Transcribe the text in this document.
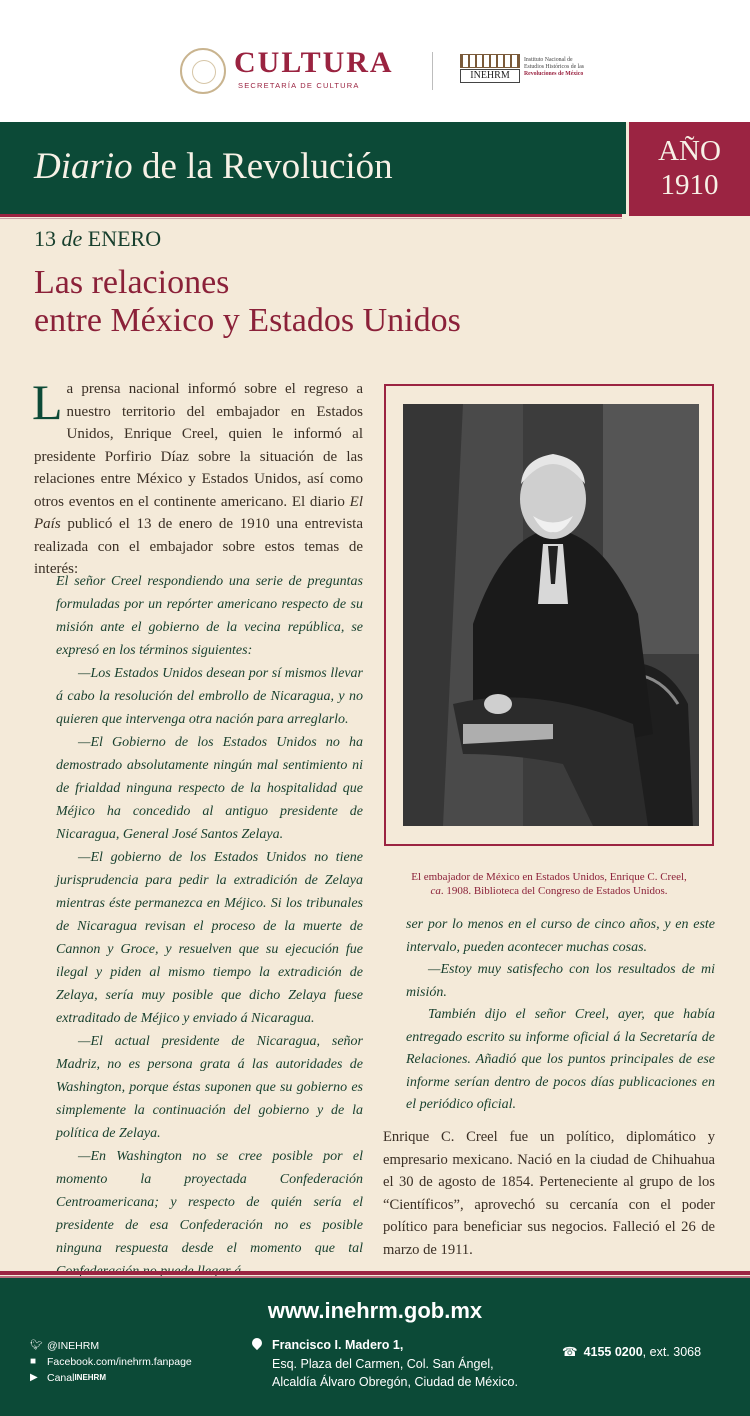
CULTURA
SECRETARÍA DE CULTURA
INEHRM
Instituto Nacional de
Estudios Históricos de las
Revoluciones de México
Diario de la Revolución	AÑO
1910
13 de ENERO
Las relaciones
entre México y Estados Unidos
La prensa nacional informó sobre el regreso a nuestro territorio del embajador en Estados Unidos, Enrique Creel, quien le informó al presidente Porfirio Díaz sobre la situación de las relaciones entre México y Estados Unidos, así como otros eventos en el continente americano. El diario El País publicó el 13 de enero de 1910 una entrevista realizada con el embajador sobre estos temas de interés:

El señor Creel respondiendo una serie de preguntas formuladas por un repórter americano respecto de su misión ante el gobierno de la vecina república, se expresó en los términos siguientes:

—Los Estados Unidos desean por sí mismos llevar á cabo la resolución del embrollo de Nicaragua, y no quieren que intervenga otra nación para arreglarlo.

—El Gobierno de los Estados Unidos no ha demostrado absolutamente ningún mal sentimiento ni de frialdad ninguna respecto de la hospitalidad que Méjico ha concedido al antiguo presidente de Nicaragua, General José Santos Zelaya.

—El gobierno de los Estados Unidos no tiene jurisprudencia para pedir la extradición de Zelaya mientras éste permanezca en Méjico. Si los tribunales de Nicaragua revisan el proceso de la muerte de Cannon y Groce, y resuelven que su ejecución fue ilegal y piden al mismo tiempo la extradición de Zelaya, sería muy posible que dicho Zelaya fuese extraditado de Méjico y enviado á Nicaragua.

—El actual presidente de Nicaragua, señor Madriz, no es persona grata á las autoridades de Washington, porque éstas suponen que su gobierno es simplemente la continuación del gobierno y de la política de Zelaya.

—En Washington no se cree posible por el momento la proyectada Confederación Centroamericana; y respecto de quién sería el presidente de esa Confederación no es posible ninguna respuesta desde el momento que tal

El embajador de México en Estados Unidos, Enrique C. Creel,
ca. 1908. Biblioteca del Congreso de Estados Unidos.

ser por lo menos en el curso de cinco años, y en este intervalo, pueden acontecer muchas cosas.

—Estoy muy satisfecho con los resultados de mi misión.

También dijo el señor Creel, ayer, que había entregado escrito su informe oficial á la Secretaría de Relaciones. Añadió que los puntos principales de ese informe serían dentro de pocos días publicaciones en el periódico oficial.

Enrique C. Creel fue un político, diplomático y empresario mexicano. Nació en la ciudad de Chihuahua el 30 de agosto de 1854. Perteneciente al grupo de los “Científicos”, aprovechó su cercanía con el poder político para beneficiar sus negocios. Falleció el 26 de marzo de 1911.
www.inehrm.gob.mx
🐦︎ @INEHRM
■	Facebook.com/inehrm.fanpage
▶ Canal INEHRM
Francisco I. Madero 1,
Esq. Plaza del Carmen, Col. San Ángel,
Alcaldía Álvaro Obregón, Ciudad de México.
☎ 4155 0200, ext. 3068
